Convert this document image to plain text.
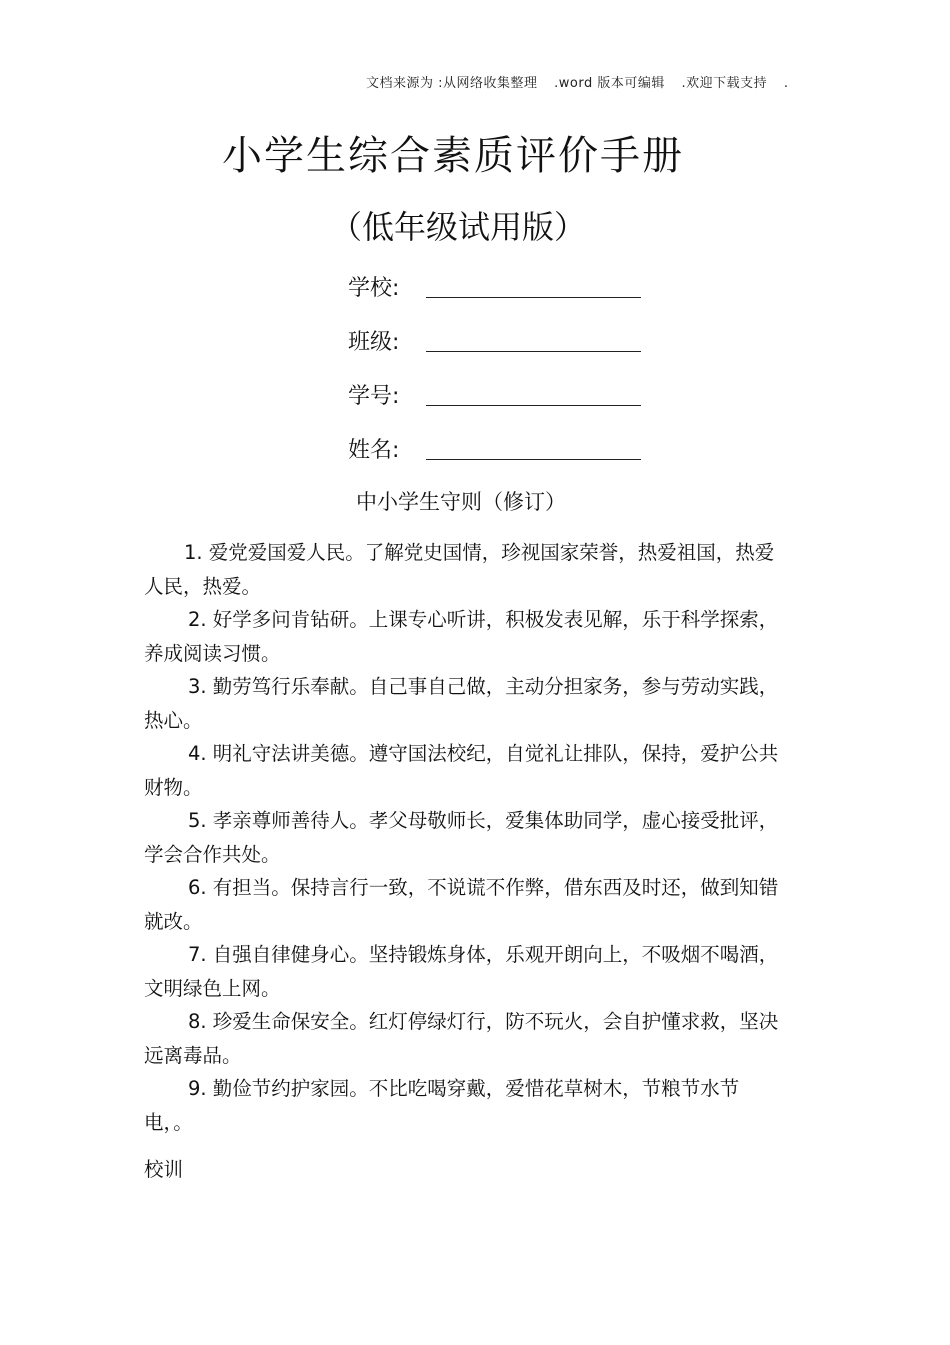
文档来源为 :从网络收集整理 .word 版本可编辑 .欢迎下载支持 .
小学生综合素质评价手册
（低年级试用版）
学校:
班级:
学号:
姓名:
中小学生守则（修订）

1. 爱党爱国爱人民。了解党史国情，珍视国家荣誉，热爱祖国，热爱人民，热爱。

2. 好学多问肯钻研。上课专心听讲，积极发表见解，乐于科学探索，养成阅读习惯。

3. 勤劳笃行乐奉献。自己事自己做，主动分担家务，参与劳动实践，热心。

4. 明礼守法讲美德。遵守国法校纪，自觉礼让排队，保持，爱护公共财物。

5. 孝亲尊师善待人。孝父母敬师长，爱集体助同学，虚心接受批评，学会合作共处。

6. 有担当。保持言行一致，不说谎不作弊，借东西及时还，做到知错就改。

7. 自强自律健身心。坚持锻炼身体，乐观开朗向上，不吸烟不喝酒，文明绿色上网。

8. 珍爱生命保安全。红灯停绿灯行，防不玩火，会自护懂求救，坚决远离毒品。

9. 勤俭节约护家园。不比吃喝穿戴，爱惜花草树木，节粮节水节电，。

校训
